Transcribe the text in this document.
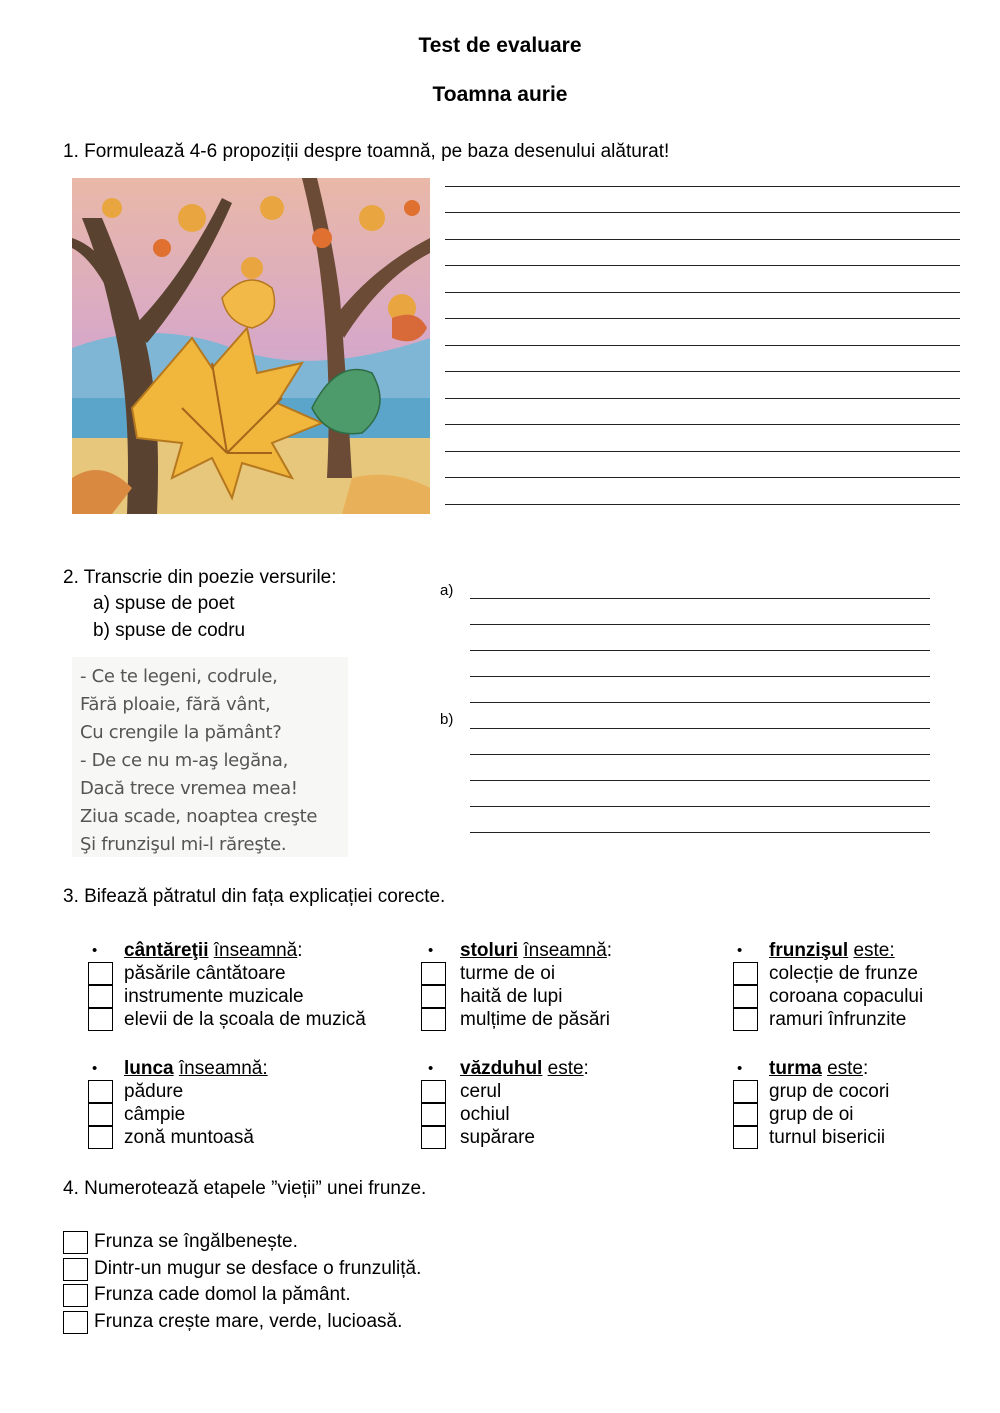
Test de evaluare
Toamna aurie
1. Formulează 4-6 propoziții despre toamnă, pe baza desenului alăturat!
2. Transcrie din poezie versurile:
a) spuse de poet
b) spuse de codru
- Ce te legeni, codrule,
Fără ploaie, fără vânt,
Cu crengile la pământ?
- De ce nu m-aş legăna,
Dacă trece vremea mea!
Ziua scade, noaptea creşte
Şi frunzişul mi-l răreşte.
a)
b)
3. Bifează pătratul din fața explicației corecte.
• cântăreţii înseamnă:
păsările cântătoare
instrumente muzicale
elevii de la școala de muzică
• stoluri înseamnă:
turme de oi
haită de lupi
mulțime de păsări
• frunzişul este:
colecție de frunze
coroana copacului
ramuri înfrunzite
• lunca înseamnă:
pădure
câmpie
zonă muntoasă
• văzduhul este:
cerul
ochiul
supărare
• turma este:
grup de cocori
grup de oi
turnul bisericii
4. Numerotează etapele ”vieții” unei frunze.
Frunza se îngălbenește.
Dintr-un mugur se desface o frunzuliță.
Frunza cade domol la pământ.
Frunza crește mare, verde, lucioasă.
